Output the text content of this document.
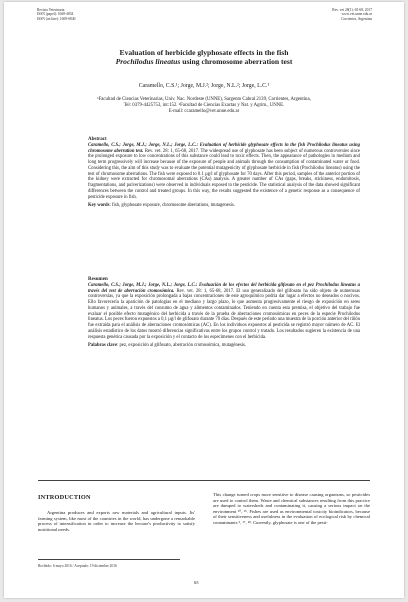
Revista Veterinaria
ISSN (papel): 1668-4834
ISSN (on line): 1669-6840
Rev. vet 28(1): 65-68, 2017
www.vet.unne.edu.ar
Corrientes, Argentina
Evaluation of herbicide glyphosate effects in the fish
Prochilodus lineatus using chromosome aberration test
Caramello, C.S.¹; Jorge, M.J.²; Jorge, N.L.²; Jorge, L.C.¹
¹Facultad de Ciencias Veterinarias, Univ. Nac. Nordeste (UNNE), Sargento Cabral 2139, Corrientes, Argentina,
Tel: 0379-4425753, int:152. ²Facultad de Ciencias Exactas y Nat. y Agrim., UNNE.
E-mail: ccaramello@vet.unne.edu.ar
Abstract
Caramello, C.S.; Jorge, M.J.; Jorge, N.L.; Jorge, L.C.: Evaluation of herbicide glyphosate effects in the fish Prochilodus lineatus using chromosome aberration test. Rev. vet. 28: 1, 65-68, 2017. The widespread use of glyphosate has been subject of numerous controversies since the prolonged exposure to low concentrations of this substance could lead to toxic effects. Then, the appearance of pathologies in medium and long term progressively will increase because of the exposure of people and animals through the consumption of contaminated water or food. Considering this, the aim of this study was to evaluate the potential mutagenicity of glyphosate herbicide in fish (Prochilodus lineatus) using the test of chromosome aberrations. The fish were exposed to 0.1 µg/l of glyphosate for 70 days. After this period, samples of the anterior portion of the kidney were extracted for chromosomal aberrations (CAs) analysis. A greater number of CAs (gaps, breaks, stickiness, endomitosis, fragmentations, and pulverizations) were observed in individuals exposed to the pesticide. The statistical analysis of the data showed significant differences between the control and treated groups. In this way, the results suggested the existence of a genetic response as a consequence of pesticide exposure in fish.
Key words: fish, glyphosate exposure, chromosome aberrations, mutagenesis.
Resumen
Caramello, C.S.; Jorge, M.J.; Jorge, N.L.; Jorge, L.C.: Evaluación de los efectos del herbicida glifosato en el pez Prochilodus lineatus a través del test de aberración cromosómica. Rev. vet. 28: 1, 65-68, 2017. El uso generalizado del glifosato ha sido objeto de numerosas controversias, ya que la exposición prolongada a bajas concentraciones de este agroquímico podría dar lugar a efectos no deseados o nocivos. Ello favorecería la aparición de patologías en el mediano y largo plazo, lo que aumenta progresivamente el riesgo de exposición en seres humanos y animales, a través del consumo de agua y alimentos contaminados. Teniendo en cuenta esta premisa, el objetivo del trabajo fue evaluar el posible efecto mutagénico del herbicida a través de la prueba de aberraciones cromosómicas en peces de la especie Prochilodus lineatus. Los peces fueron expuestos a 0,1 µg/l de glifosato durante 70 días. Después de este periodo una muestra de la porción anterior del riñón fue extraída para el análisis de aberraciones cromosómicas (AC). En los individuos expuestos al pesticida se registró mayor número de AC. El análisis estadístico de los datos mostró diferencias significativas entre los grupos control y tratado. Los resultados sugieren la existencia de una respuesta genética causada por la exposición y el contacto de los especímenes con el herbicida.
Palabras clave: pez, exposición al glifosato, aberración cromosómica, mutagénesis.
INTRODUCTION
Argentina produces and exports raw materials and agricultural inputs. Its' farming system, like most of the countries in the world, has undergone a remarkable process of intensification in order to increase the hectare's productivity to satisfy nutritional needs.
This change turned crops more sensitive to disease causing organisms, so pesticides are used to control them. Waste and chemical substances resulting from this practice are dumped to watersheds and contaminating it, causing a serious impact on the environment ¹⁰, ¹⁵. Fishes are used as environmental toxicity bioindicators, because of their sensitiveness and usefulness in the evaluation of ecological risk by chemical contaminants ⁶, ¹⁷, ²⁸. Currently, glyphosate is one of the pesti-
Recibido: 6 mayo 2016 / Aceptado: 19 diciembre 2016
65
